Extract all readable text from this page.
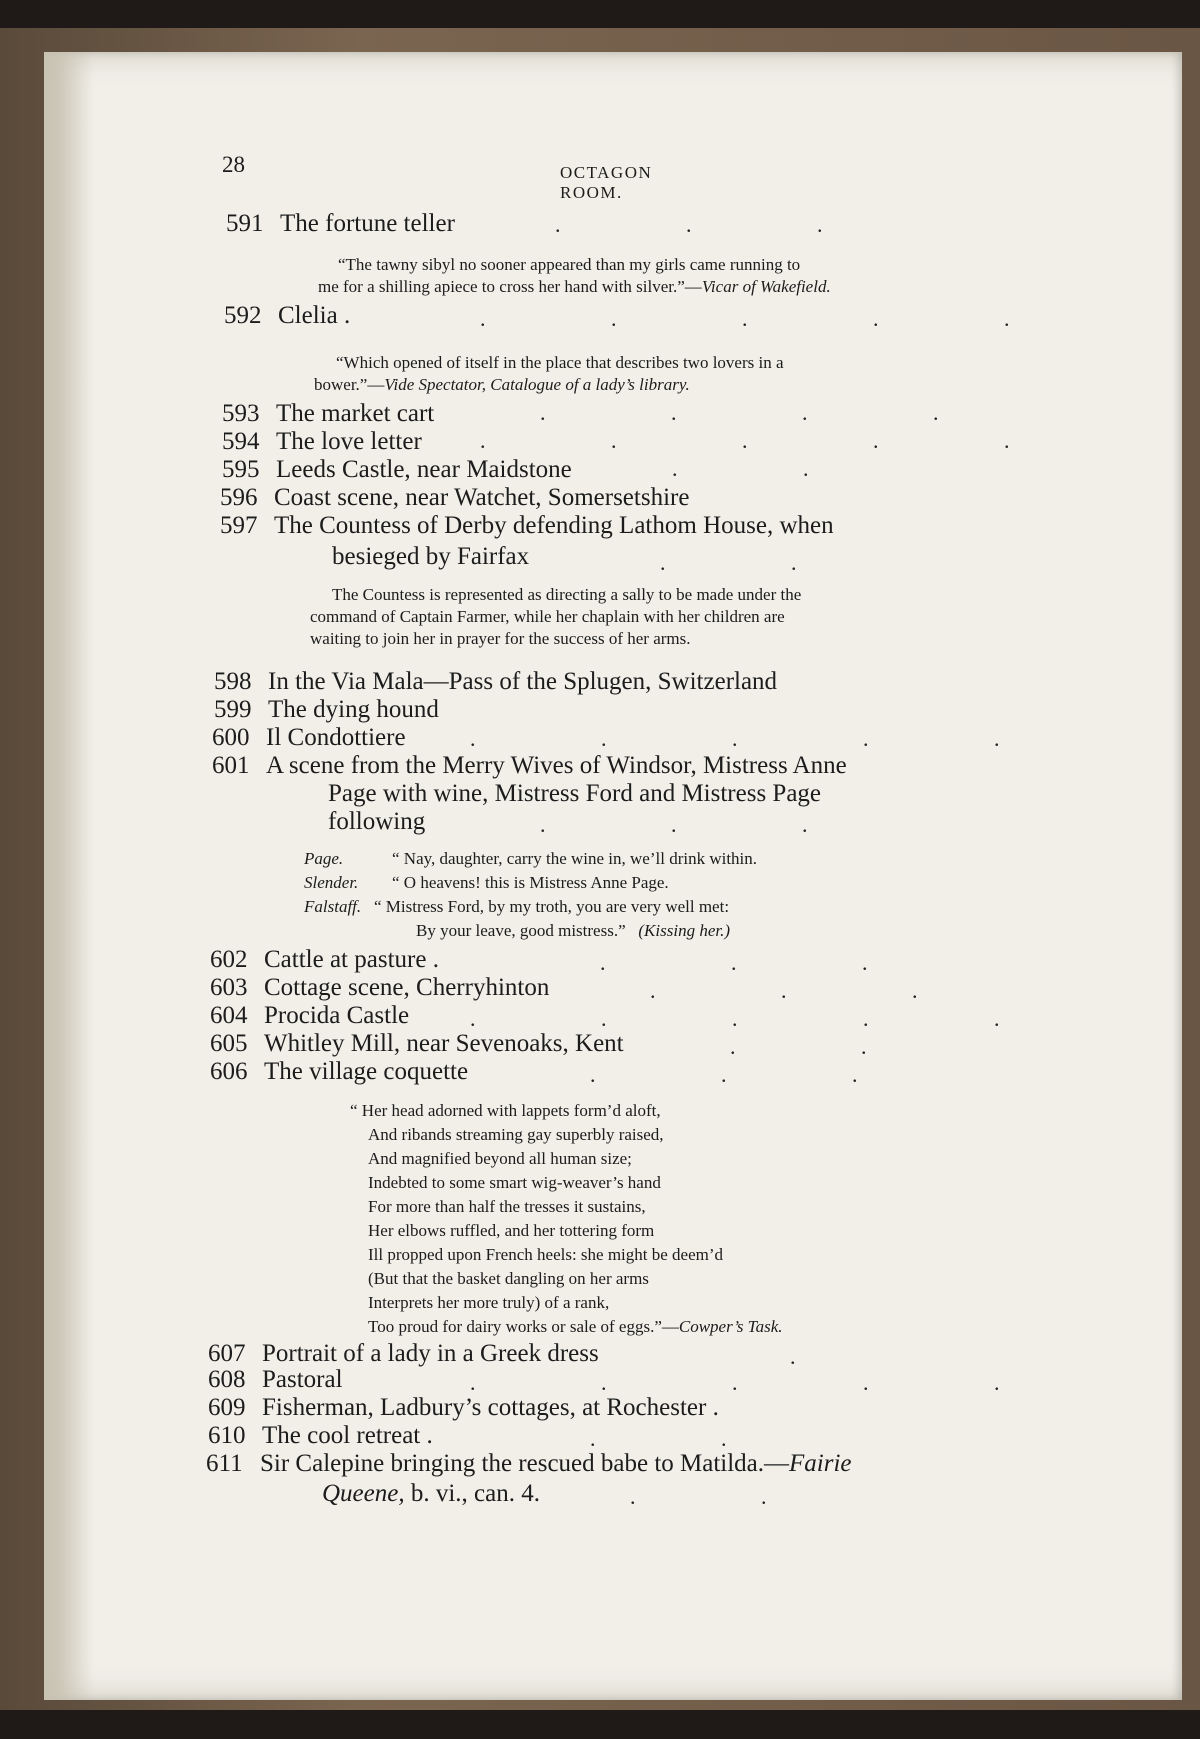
28	OCTAGON ROOM.
591 The fortune teller	. . .
“The tawny sibyl no sooner appeared than my girls came running to
me for a shilling apiece to cross her hand with silver.”—Vicar of Wakefield.
592 Clelia .	. . . . .
“Which opened of itself in the place that describes two lovers in a
bower.”—Vide Spectator, Catalogue of a lady’s library.
593 The market cart	. . . .
594 The love letter	. . . . .
595 Leeds Castle, near Maidstone	. .
596 Coast scene, near Watchet, Somersetshire
597 The Countess of Derby defending Lathom House, when
besieged by Fairfax	. .
The Countess is represented as directing a sally to be made under the
command of Captain Farmer, while her chaplain with her children are
waiting to join her in prayer for the success of her arms.
598 In the Via Mala—Pass of the Splugen, Switzerland
599 The dying hound
600 Il Condottiere	. . . . .
601 A scene from the Merry Wives of Windsor, Mistress Anne
Page with wine, Mistress Ford and Mistress Page
following	. . .
Page.	“ Nay, daughter, carry the wine in, we’ll drink within.
Slender. “ O heavens! this is Mistress Anne Page.
Falstaff. “ Mistress Ford, by my troth, you are very well met:
By your leave, good mistress.” (Kissing her.)
602 Cattle at pasture .	. . .
603 Cottage scene, Cherryhinton	. . .
604 Procida Castle	. . . . .
605 Whitley Mill, near Sevenoaks, Kent	. .
606 The village coquette	. . .
“ Her head adorned with lappets form’d aloft,
And ribands streaming gay superbly raised,
And magnified beyond all human size;
Indebted to some smart wig-weaver’s hand
For more than half the tresses it sustains,
Her elbows ruffled, and her tottering form
Ill propped upon French heels: she might be deem’d
(But that the basket dangling on her arms
Interprets her more truly) of a rank,
Too proud for dairy works or sale of eggs.”—Cowper’s Task.
607 Portrait of a lady in a Greek dress	.
608 Pastoral	. . . . .
609 Fisherman, Ladbury’s cottages, at Rochester .
610 The cool retreat .	. .
611 Sir Calepine bringing the rescued babe to Matilda.—Fairie
Queene, b. vi., can. 4.	. .
